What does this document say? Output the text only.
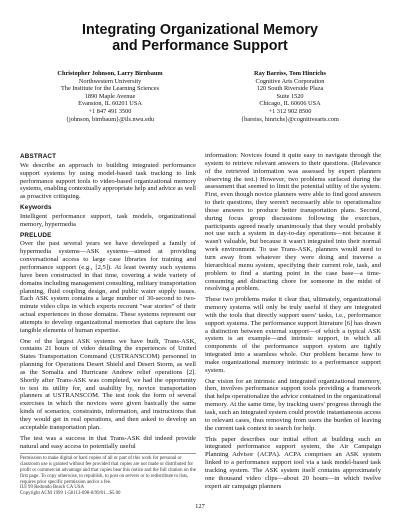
Integrating Organizational Memory
and Performance Support
Christopher Johnson, Larry Birnbaum
Northwestern University
The Institute for the Learning Sciences
1890 Maple Avenue
Evanston, IL 60201 USA
+1 847 491 3500
{johnson, birnbaum}@ils.nwu.edu
Ray Bareiss, Tom Hinrichs
Cognitive Arts Corporation
120 South Riverside Plaza
Suite 1520
Chicago, IL 60606 USA
+1 312 902 8500
{bareiss, hinrichs}@cognitivearts.com
ABSTRACT

We describe an approach to building integrated performance support systems by using model-based task tracking to link performance support tools to video-based organizational memory systems, enabling contextually appropriate help and advice as well as proactive critiquing.

Keywords

Intelligent performance support, task models, organizational memory, hypermedia

PRELUDE

Over the past several years we have developed a family of hypermedia systems—ASK systems—aimed at providing conversational access to large case libraries for training and performance support (e.g., [2,5]). At least twenty such systems have been constructed in that time, covering a wide variety of domains including management consulting, military transportation planning, fluid coupling design, and public water supply issues. Each ASK system contains a large number of 30-second to two-minute video clips in which experts recount "war stories" of their actual experiences in those domains. These systems represent our attempts to develop organizational memories that capture the less tangible elements of human expertise.

One of the largest ASK systems we have built, Trans-ASK, contains 21 hours of video detailing the experiences of United States Transportation Command (USTRANSCOM) personnel in planning for Operations Desert Shield and Desert Storm, as well as the Somalia and Hurricane Andrew relief operations [2]. Shortly after Trans-ASK was completed, we had the opportunity to test its utility for, and usability by, novice transportation planners at USTRANSCOM. The test took the form of several exercises in which the novices were given basically the same kinds of scenarios, constraints, information, and instructions that they would get in real operations, and then asked to develop an acceptable transportation plan.

The test was a success in that Trans-ASK did indeed provide natural and easy access to potentially useful

Permission to make digital or hard copies of all or part of this work for personal or classroom use is granted without fee provided that copies are not made or distributed for profit or commercial advantage and that copies bear this notice and the full citation on the first page. To copy otherwise, to republish, to post on servers or to redistribute to lists, requires prior specific permission and/or a fee.
IUI 99 Redondo Beach CA USA
Copyright ACM 1999 1-58113-098-8/99/01...$5.00

information: Novices found it quite easy to navigate through the system to retrieve relevant answers to their questions. (Relevance of the retrieved information was assessed by expert planners observing the test.) However, two problems surfaced during the assessment that seemed to limit the potential utility of the system. First, even though novice planners were able to find good answers to their questions, they weren't necessarily able to operationalize those answers to produce better transportation plans. Second, during focus group discussions following the exercises, participants agreed nearly unanimously that they would probably not use such a system in day-to-day operations—not because it wasn't valuable, but because it wasn't integrated into their normal work environment. To use Trans-ASK, planners would need to turn away from whatever they were doing and traverse a hierarchical menu system, specifying their current role, task, and problem to find a starting point in the case base—a time-consuming and distracting chore for someone in the midst of resolving a problem.

These two problems make it clear that, ultimately, organizational memory systems will only be truly useful if they are integrated with the tools that directly support users' tasks, i.e., performance support systems. The performance support literature [6] has drawn a distinction between external support—of which a typical ASK system is an example—and intrinsic support, in which all components of the performance support system are tightly integrated into a seamless whole. Our problem became how to make organizational memory intrinsic to a performance support system.

Our vision for an intrinsic and integrated organizational memory, then, involves performance support tools providing a framework that helps operationalize the advice contained in the organizational memory. At the same time, by tracking users' progress through the task, such an integrated system could provide instantaneous access to relevant cases, thus removing from users the burden of leaving the current task context to search for help.

This paper describes our initial effort at building such an integrated performance support system, the Air Campaign Planning Advisor (ACPA). ACPA comprises an ASK system linked to a performance support tool via a task model-based task tracking system. The ASK system itself contains approximately one thousand video clips—about 20 hours—in which twelve expert air campaign planners

127
